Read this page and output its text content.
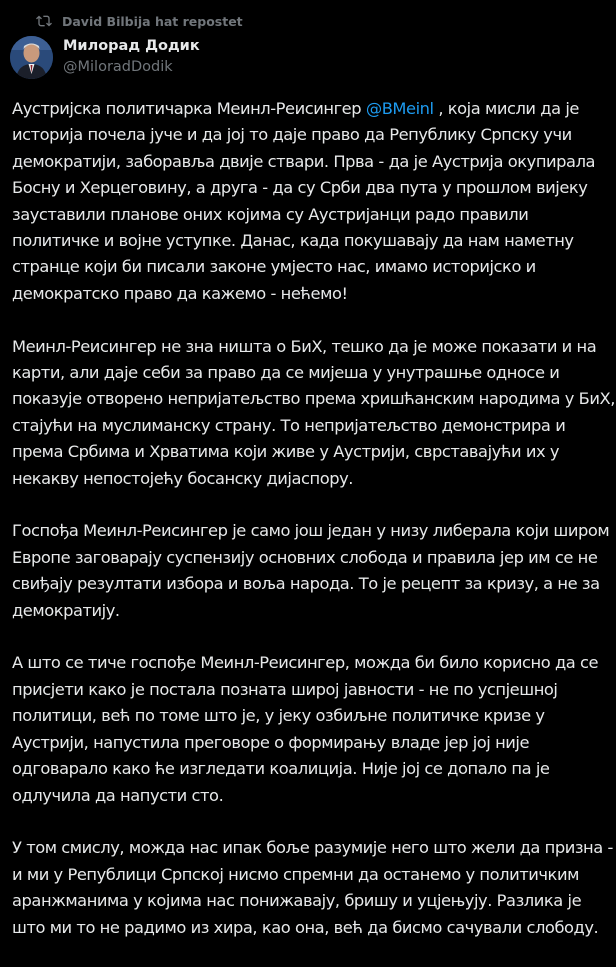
David Bilbija hat repostet
Милорад Додик
@MiloradDodik

Аустријска политичарка Меинл-Реисингер @BMeinl , која мисли да је историја почела јуче и да јој то даје право да Републику Српску учи демократији, заборавља двије ствари. Прва - да је Аустрија окупирала Босну и Херцеговину, а друга - да су Срби два пута у прошлом вијеку зауставили планове оних којима су Аустријанци радо правили политичке и војне уступке. Данас, када покушавају да нам наметну странце који би писали законе умјесто нас, имамо историјско и демократско право да кажемо - нећемо!

Меинл-Реисингер не зна ништа о БиХ, тешко да је може показати и на карти, али даје себи за право да се мијеша у унутрашње односе и показује отворено непријатељство према хришћанским народима у БиХ, стајући на муслиманску страну. То непријатељство демонстрира и према Србима и Хрватима који живе у Аустрији, сврставајући их у некакву непостојећу босанску дијаспору.

Госпођа Меинл-Реисингер је само још један у низу либерала који широм Европе заговарају суспензију основних слобода и правила јер им се не свиђају резултати избора и воља народа. То је рецепт за кризу, а не за демократију.

А што се тиче госпође Меинл-Реисингер, можда би било корисно да се присјети како је постала позната широј јавности - не по успјешној политици, већ по томе што је, у јеку озбиљне политичке кризе у Аустрији, напустила преговоре о формирању владе јер јој није одговарало како ће изгледати коалиција. Није јој се допало па је одлучила да напусти сто.

У том смислу, можда нас ипак боље разумије него што жели да призна - и ми у Републици Српској нисмо спремни да останемо у политичким аранжманима у којима нас понижавају, бришу и уцјењују. Разлика је што ми то не радимо из хира, као она, већ да бисмо сачували слободу.
